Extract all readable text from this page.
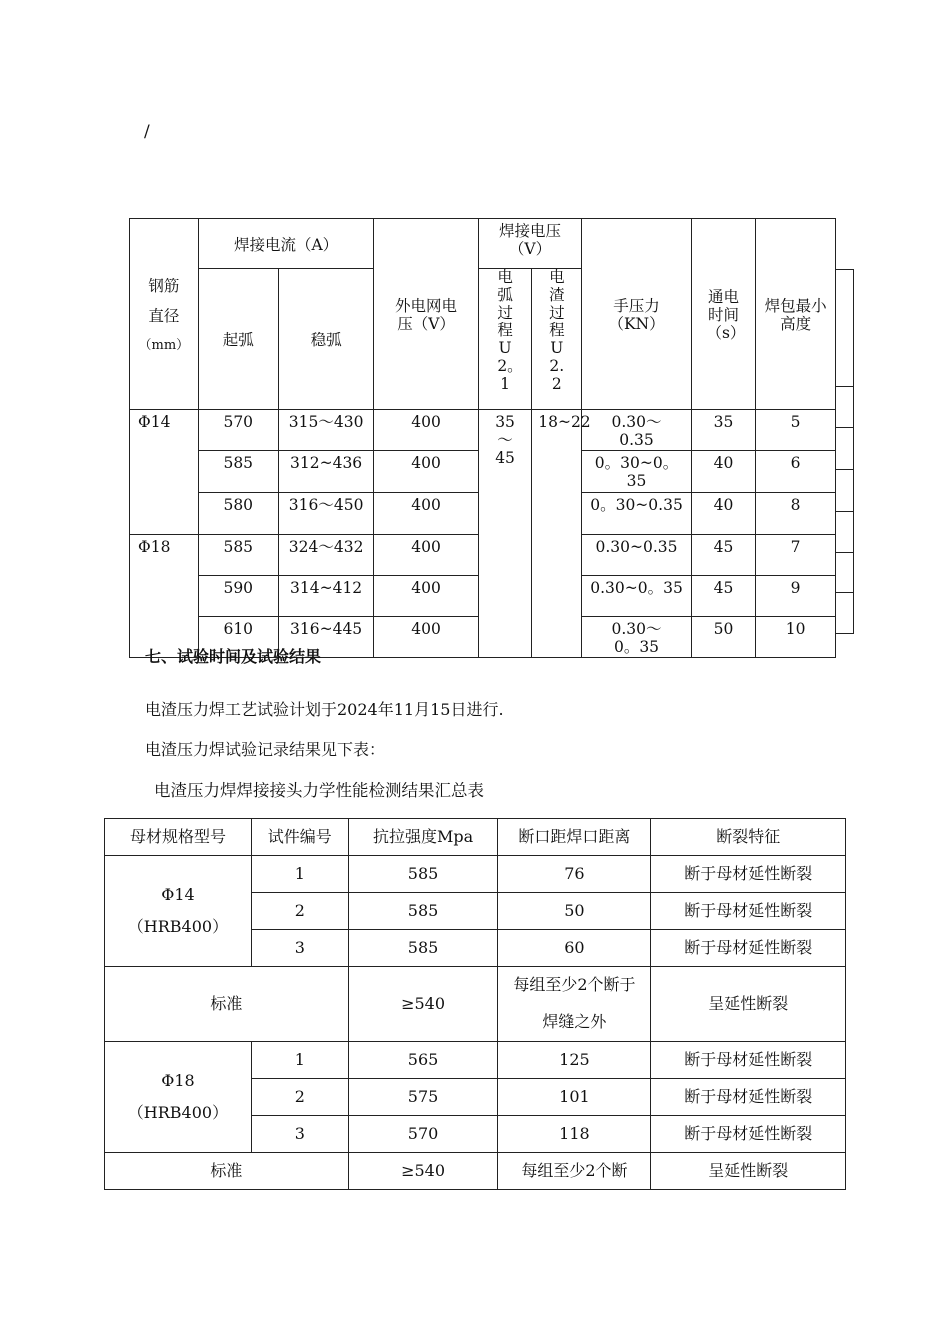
/
钢筋
直径
（mm）	焊接电流（A）		外电网电压（V）	焊接电压（V）		手压力（KN）	通电时间（s）	焊包最小高度

	起弧	稳弧		电弧过程U2。1	电渣过程U2.2			

Φ14	570	315～430	400	35～45	18~22	0.30～0.35	35	5
	585	312~436	400			0。30~0。35	40	6
	580	316～450	400			0。30~0.35	40	8
Φ18	585	324～432	400			0.30~0.35	45	7
	590	314~412	400			0.30~0。35	45	9
	610	316~445	400			0.30～0。35	50	10
七、试验时间及试验结果
电渣压力焊工艺试验计划于2024年11月15日进行.
电渣压力焊试验记录结果见下表：
电渣压力焊焊接接头力学性能检测结果汇总表
母材规格型号	试件编号	抗拉强度Mpa	断口距焊口距离	断裂特征

Φ14
（HRB400）	1	585	76	断于母材延性断裂
	2	585	50	断于母材延性断裂
	3	585	60	断于母材延性断裂
标准		≥540	每组至少2个断于焊缝之外	呈延性断裂

Φ18
（HRB400）	1	565	125	断于母材延性断裂
	2	575	101	断于母材延性断裂
	3	570	118	断于母材延性断裂
标准		≥540	每组至少2个断	呈延性断裂
